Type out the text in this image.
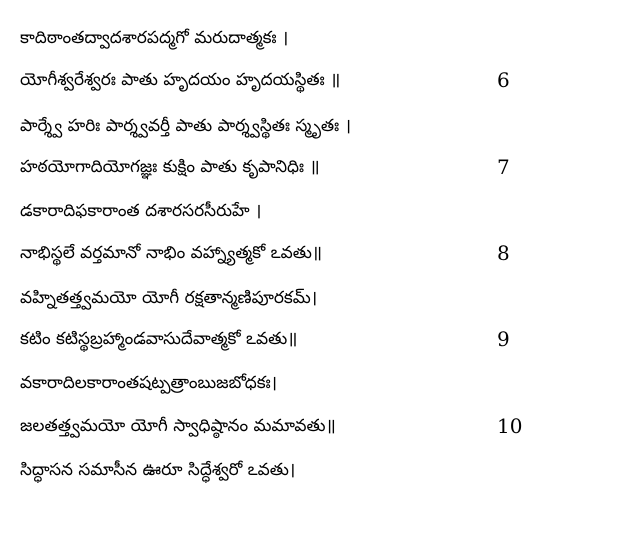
కాదిఠాంతద్వాదశారపద్మగో మరుదాత్మకః ।
యోగీశ్వరేశ్వరః పాతు హృదయం హృదయస్థితః ॥	6
పార్శ్వే హరిః పార్శ్వవర్తీ పాతు పార్శ్వస్థితః స్మృతః ।
హఠయోగాదియోగజ్ఞః కుక్షిం పాతు కృపానిధిః ॥	7
డకారాదిఫకారాంత దశారసరసీరుహే ।
నాభిస్థలే వర్తమానో నాభిం వహ్న్యాత్మకో ఽవతు॥	8
వహ్నితత్త్వమయో యోగీ రక్షతాన్మణిపూరకమ్।
కటిం కటిస్థబ్రహ్మాండవాసుదేవాత్మకో ఽవతు॥	9
వకారాదిలకారాంతషట్పత్రాంబుజబోధకః।
జలతత్త్వమయో యోగీ స్వాధిష్ఠానం మమావతు॥	10
సిద్ధాసన సమాసీన ఊరూ సిద్ధేశ్వరో ఽవతు।
